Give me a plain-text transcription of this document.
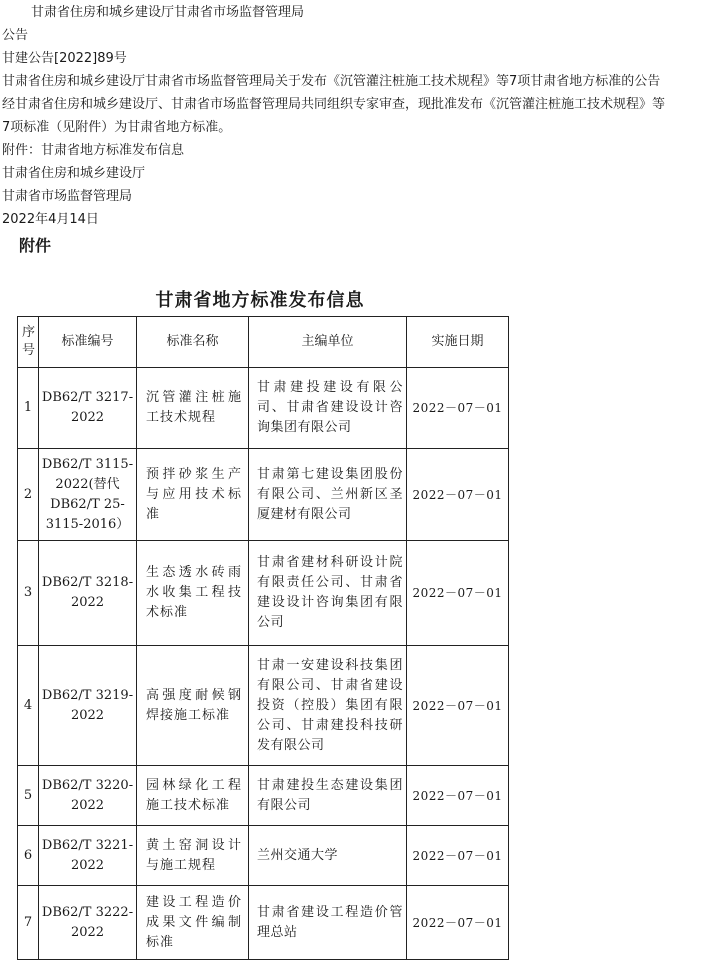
甘肃省住房和城乡建设厅甘肃省市场监督管理局
公告
甘建公告[2022]89号
甘肃省住房和城乡建设厅甘肃省市场监督管理局关于发布《沉管灌注桩施工技术规程》等7项甘肃省地方标准的公告
经甘肃省住房和城乡建设厅、甘肃省市场监督管理局共同组织专家审查，现批准发布《沉管灌注桩施工技术规程》等
7项标准（见附件）为甘肃省地方标准。
附件：甘肃省地方标准发布信息
甘肃省住房和城乡建设厅
甘肃省市场监督管理局
2022年4月14日
附件
甘肃省地方标准发布信息
序号	标准编号	标准名称	主编单位	实施日期
1	DB62/T 3217-2022	沉管灌注桩施工技术规程	甘肃建投建设有限公司、甘肃省建设设计咨询集团有限公司	2022－07－01
2	DB62/T 3115-2022(替代 DB62/T 25-3115-2016）	预拌砂浆生产与应用技术标准	甘肃第七建设集团股份有限公司、兰州新区圣厦建材有限公司	2022－07－01
3	DB62/T 3218-2022	生态透水砖雨水收集工程技术标准	甘肃省建材科研设计院有限责任公司、甘肃省建设设计咨询集团有限公司	2022－07－01
4	DB62/T 3219-2022	高强度耐候钢焊接施工标准	甘肃一安建设科技集团有限公司、甘肃省建设投资（控股）集团有限公司、甘肃建投科技研发有限公司	2022－07－01
5	DB62/T 3220-2022	园林绿化工程施工技术标准	甘肃建投生态建设集团有限公司	2022－07－01
6	DB62/T 3221-2022	黄土窑洞设计与施工规程	兰州交通大学	2022－07－01
7	DB62/T 3222-2022	建设工程造价成果文件编制标准	甘肃省建设工程造价管理总站	2022－07－01
